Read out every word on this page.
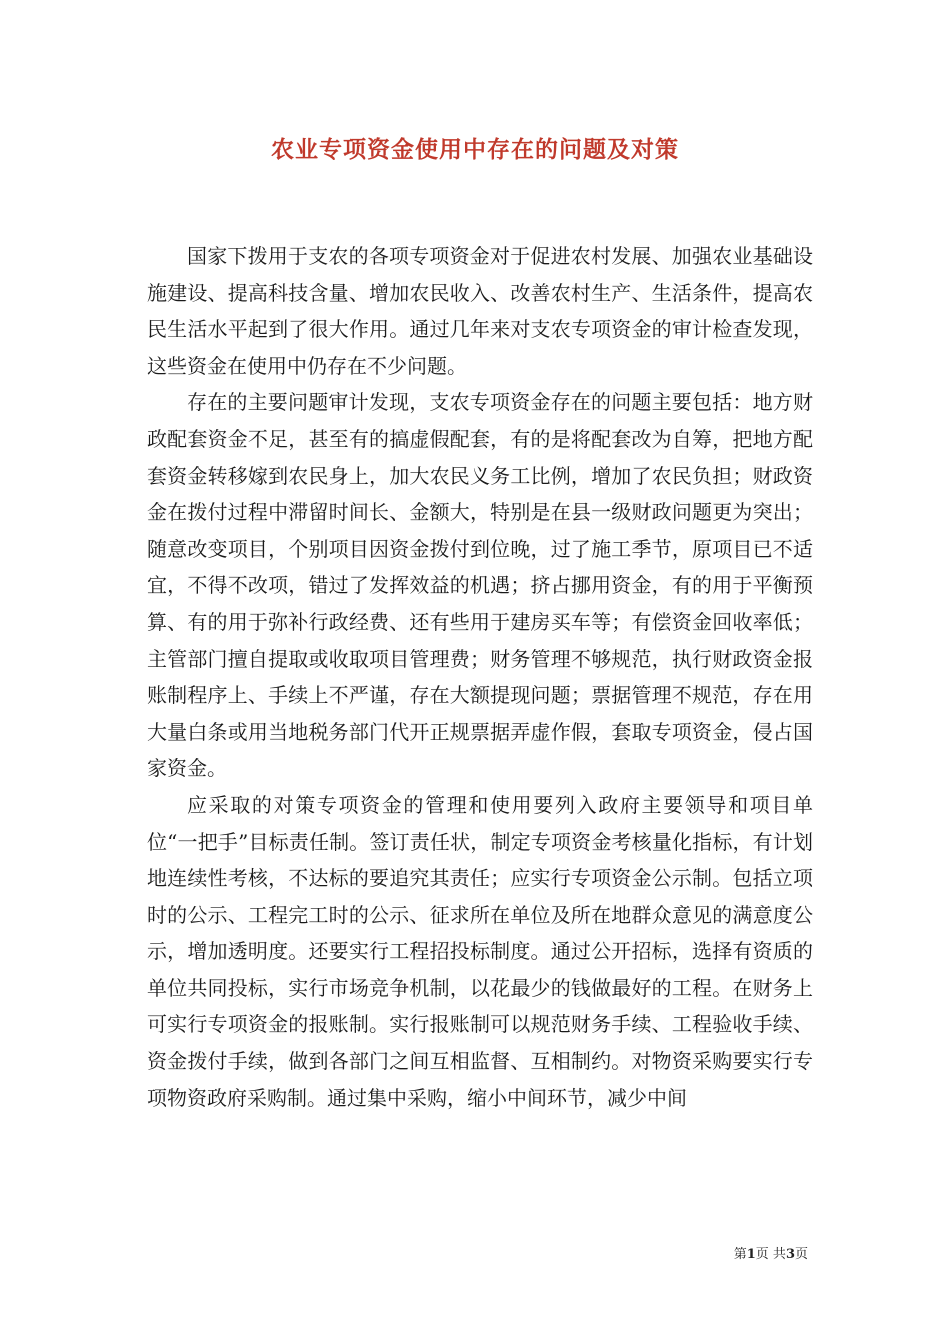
农业专项资金使用中存在的问题及对策

国家下拨用于支农的各项专项资金对于促进农村发展、加强农业基础设施建设、提高科技含量、增加农民收入、改善农村生产、生活条件，提高农民生活水平起到了很大作用。通过几年来对支农专项资金的审计检查发现，这些资金在使用中仍存在不少问题。

存在的主要问题审计发现，支农专项资金存在的问题主要包括：地方财政配套资金不足，甚至有的搞虚假配套，有的是将配套改为自筹，把地方配套资金转移嫁到农民身上，加大农民义务工比例，增加了农民负担；财政资金在拨付过程中滞留时间长、金额大，特别是在县一级财政问题更为突出；随意改变项目，个别项目因资金拨付到位晚，过了施工季节，原项目已不适宜，不得不改项，错过了发挥效益的机遇；挤占挪用资金，有的用于平衡预算、有的用于弥补行政经费、还有些用于建房买车等；有偿资金回收率低；主管部门擅自提取或收取项目管理费；财务管理不够规范，执行财政资金报账制程序上、手续上不严谨，存在大额提现问题；票据管理不规范，存在用大量白条或用当地税务部门代开正规票据弄虚作假，套取专项资金，侵占国家资金。

应采取的对策专项资金的管理和使用要列入政府主要领导和项目单位“一把手”目标责任制。签订责任状，制定专项资金考核量化指标，有计划地连续性考核，不达标的要追究其责任；应实行专项资金公示制。包括立项时的公示、工程完工时的公示、征求所在单位及所在地群众意见的满意度公示，增加透明度。还要实行工程招投标制度。通过公开招标，选择有资质的单位共同投标，实行市场竞争机制，以花最少的钱做最好的工程。在财务上可实行专项资金的报账制。实行报账制可以规范财务手续、工程验收手续、资金拨付手续，做到各部门之间互相监督、互相制约。对物资采购要实行专项物资政府采购制。通过集中采购，缩小中间环节，减少中间

第1页 共3页
